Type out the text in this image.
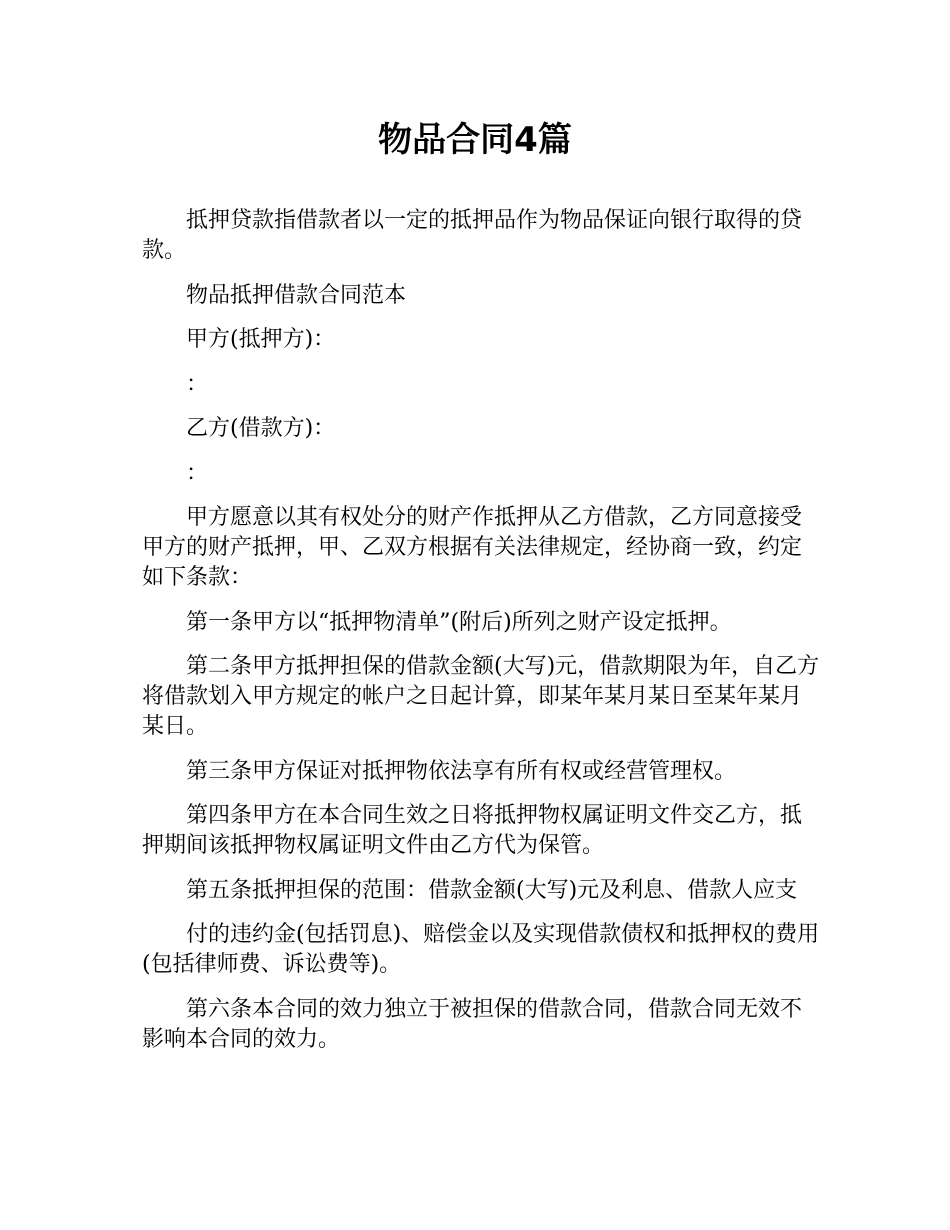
物品合同4篇

抵押贷款指借款者以一定的抵押品作为物品保证向银行取得的贷款。

物品抵押借款合同范本

甲方(抵押方)：

：

乙方(借款方)：

：

甲方愿意以其有权处分的财产作抵押从乙方借款，乙方同意接受甲方的财产抵押，甲、乙双方根据有关法律规定，经协商一致，约定如下条款：

第一条甲方以“抵押物清单”(附后)所列之财产设定抵押。

第二条甲方抵押担保的借款金额(大写)元，借款期限为年，自乙方将借款划入甲方规定的帐户之日起计算，即某年某月某日至某年某月某日。

第三条甲方保证对抵押物依法享有所有权或经营管理权。

第四条甲方在本合同生效之日将抵押物权属证明文件交乙方，抵押期间该抵押物权属证明文件由乙方代为保管。

第五条抵押担保的范围：借款金额(大写)元及利息、借款人应支

付的违约金(包括罚息)、赔偿金以及实现借款债权和抵押权的费用(包括律师费、诉讼费等)。

第六条本合同的效力独立于被担保的借款合同，借款合同无效不影响本合同的效力。
